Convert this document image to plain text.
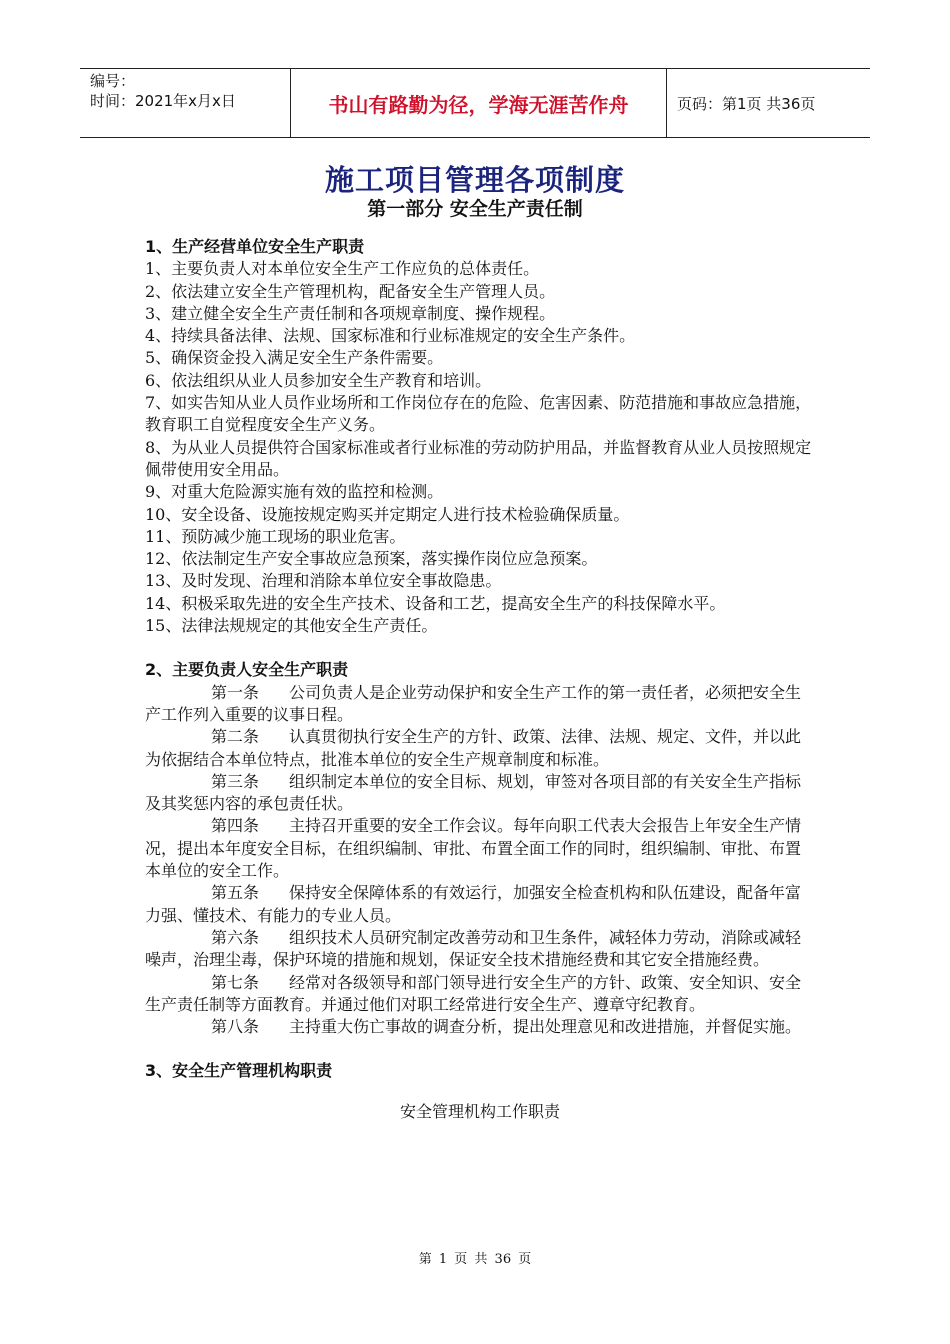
编号：
时间：2021年x月x日	书山有路勤为径，学海无涯苦作舟	页码：第1页 共36页
施工项目管理各项制度
第一部分 安全生产责任制
1、生产经营单位安全生产职责
1、主要负责人对本单位安全生产工作应负的总体责任。
2、依法建立安全生产管理机构，配备安全生产管理人员。
3、建立健全安全生产责任制和各项规章制度、操作规程。
4、持续具备法律、法规、国家标准和行业标准规定的安全生产条件。
5、确保资金投入满足安全生产条件需要。
6、依法组织从业人员参加安全生产教育和培训。
7、如实告知从业人员作业场所和工作岗位存在的危险、危害因素、防范措施和事故应急措施，教育职工自觉程度安全生产义务。
8、为从业人员提供符合国家标准或者行业标准的劳动防护用品，并监督教育从业人员按照规定佩带使用安全用品。
9、对重大危险源实施有效的监控和检测。
10、安全设备、设施按规定购买并定期定人进行技术检验确保质量。
11、预防减少施工现场的职业危害。
12、依法制定生产安全事故应急预案，落实操作岗位应急预案。
13、及时发现、治理和消除本单位安全事故隐患。
14、积极采取先进的安全生产技术、设备和工艺，提高安全生产的科技保障水平。
15、法律法规规定的其他安全生产责任。
2、主要负责人安全生产职责
第一条 公司负责人是企业劳动保护和安全生产工作的第一责任者，必须把安全生产工作列入重要的议事日程。
第二条 认真贯彻执行安全生产的方针、政策、法律、法规、规定、文件，并以此为依据结合本单位特点，批准本单位的安全生产规章制度和标准。
第三条 组织制定本单位的安全目标、规划，审签对各项目部的有关安全生产指标及其奖惩内容的承包责任状。
第四条 主持召开重要的安全工作会议。每年向职工代表大会报告上年安全生产情况，提出本年度安全目标，在组织编制、审批、布置全面工作的同时，组织编制、审批、布置本单位的安全工作。
第五条 保持安全保障体系的有效运行，加强安全检查机构和队伍建设，配备年富力强、懂技术、有能力的专业人员。
第六条 组织技术人员研究制定改善劳动和卫生条件，减轻体力劳动，消除或减轻噪声，治理尘毒，保护环境的措施和规划，保证安全技术措施经费和其它安全措施经费。
第七条 经常对各级领导和部门领导进行安全生产的方针、政策、安全知识、安全生产责任制等方面教育。并通过他们对职工经常进行安全生产、遵章守纪教育。
第八条 主持重大伤亡事故的调查分析，提出处理意见和改进措施，并督促实施。
3、安全生产管理机构职责
安全管理机构工作职责
第 1 页 共 36 页
